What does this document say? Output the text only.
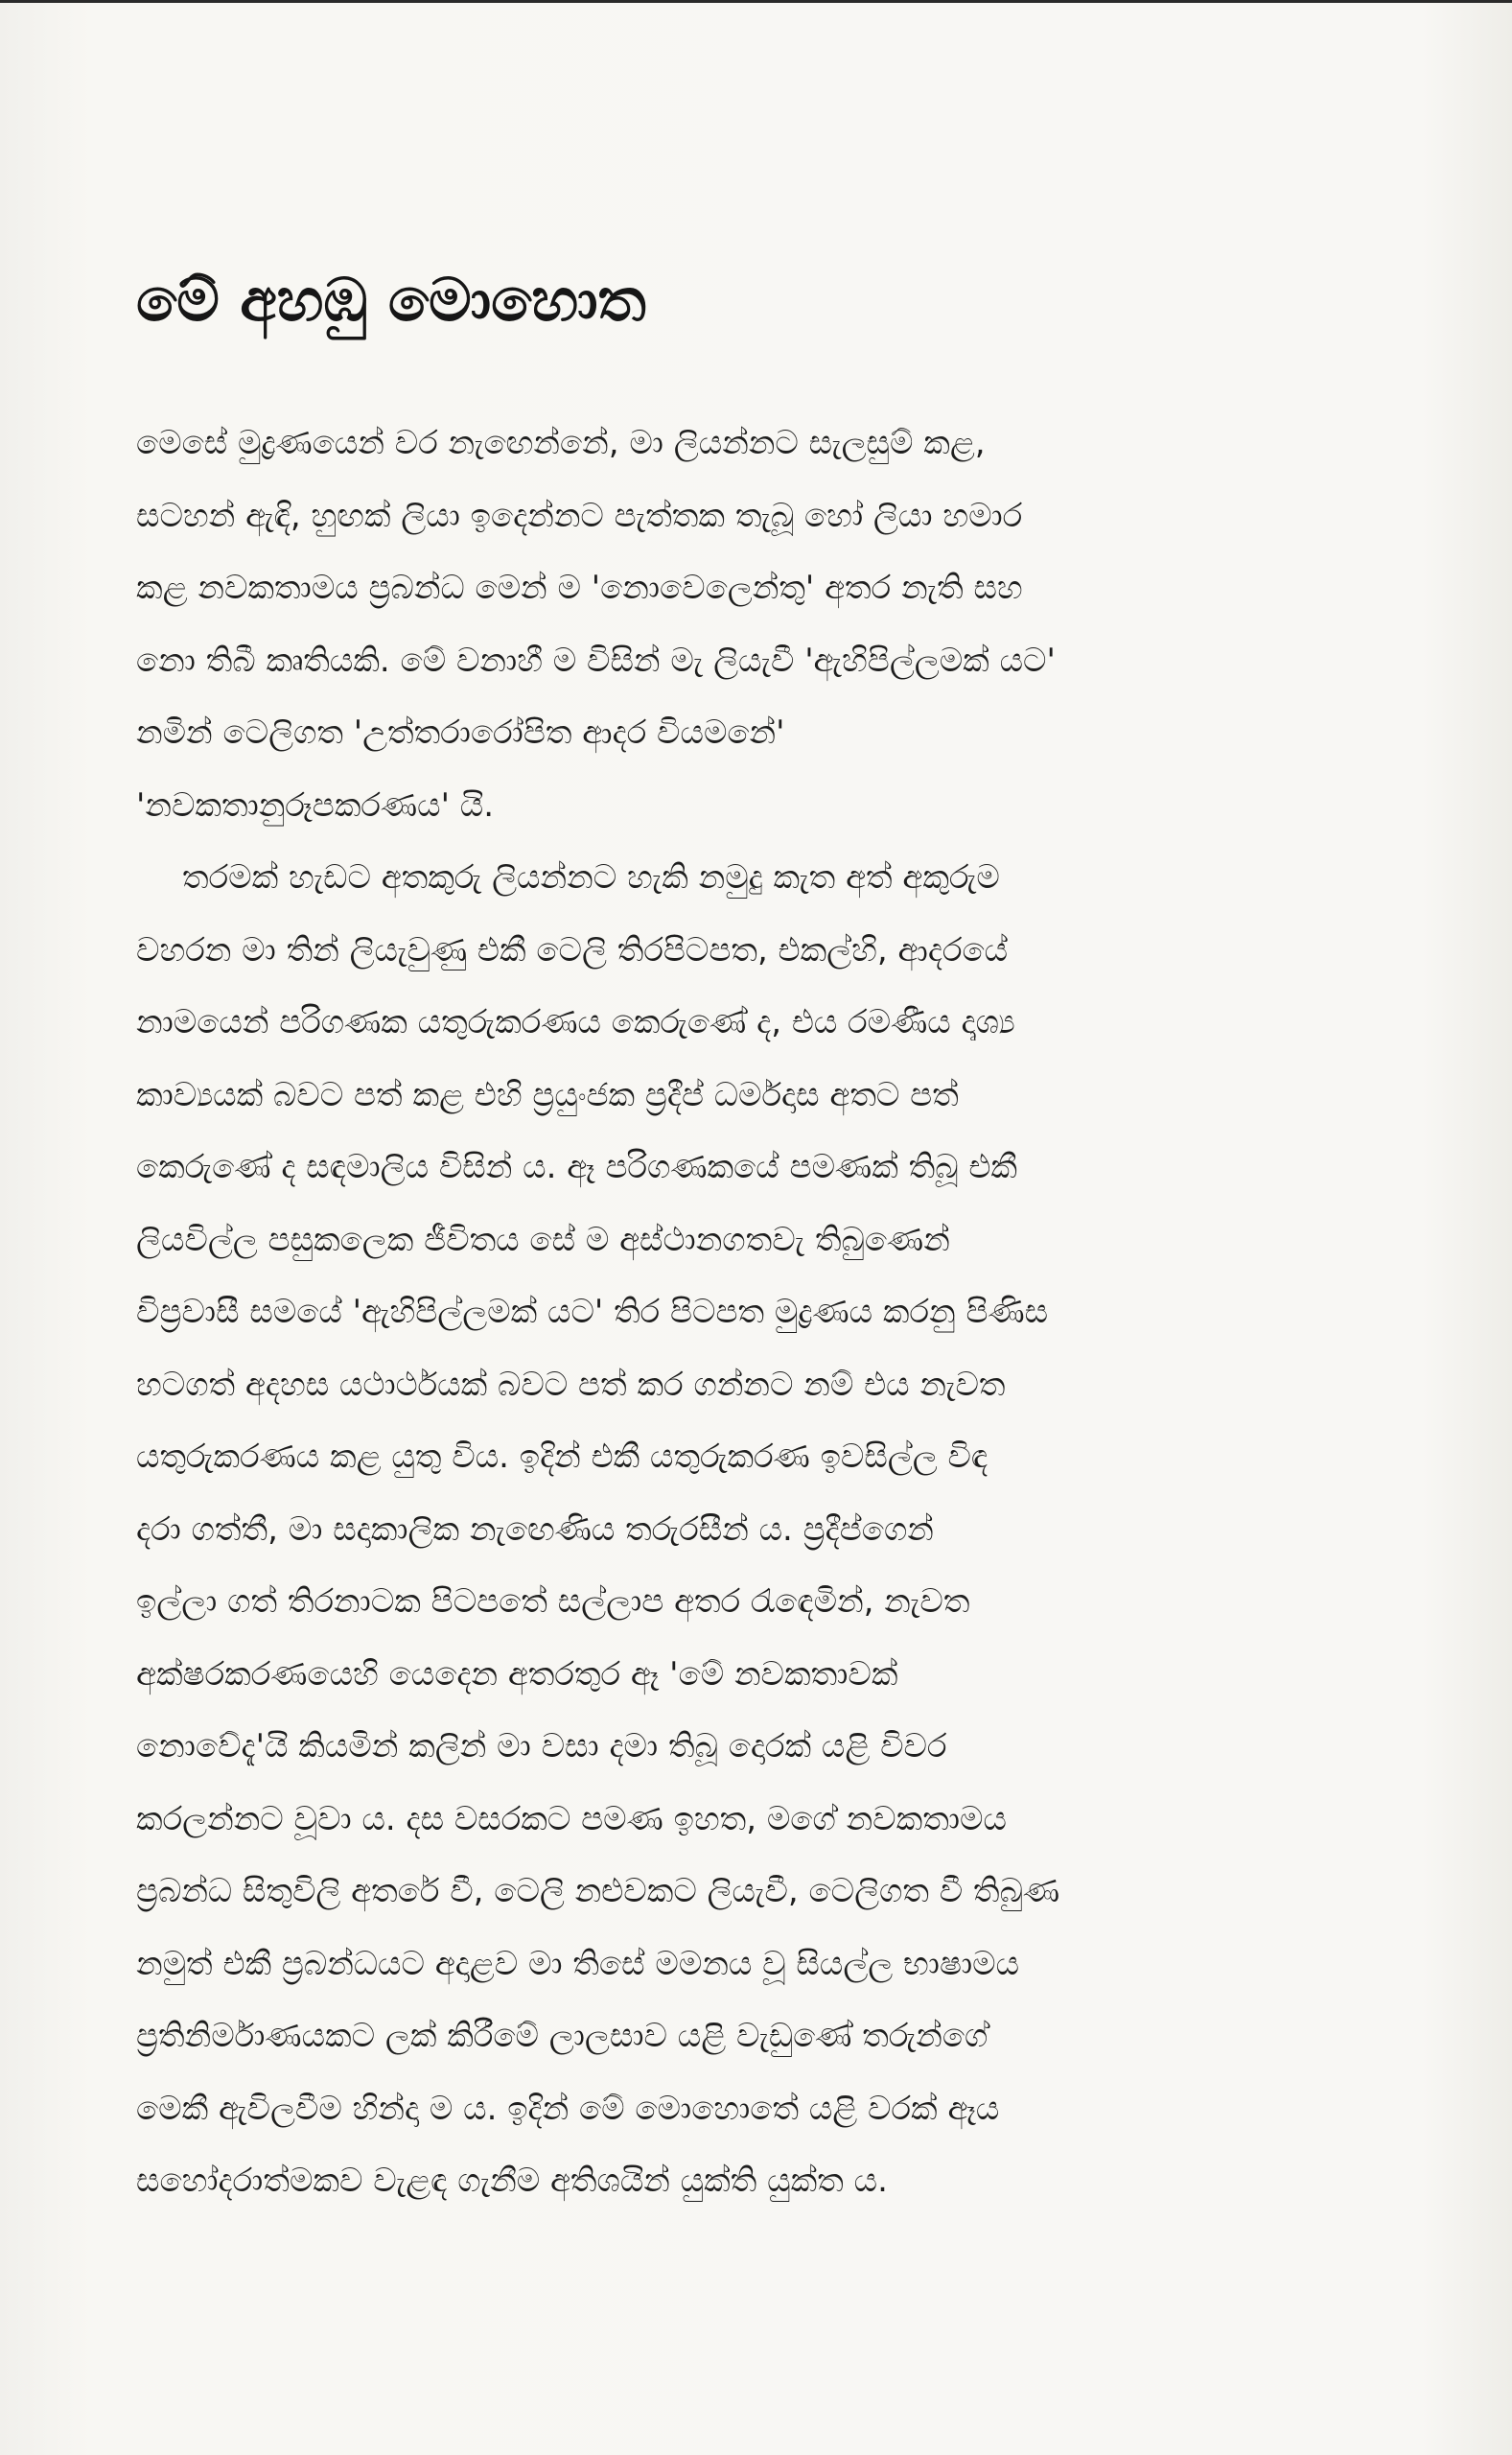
මේ අහඹු මොහොත
මෙසේ මුද්‍රණයෙන් වර නැඟෙන්නේ, මා ලියන්නට සැලසුම් කළ,
සටහන් ඇඳි, හුඟක් ලියා ඉදෙන්නට පැත්තක තැබූ හෝ ලියා හමාර
කළ නවකතාමය ප්‍රබන්ධ මෙන් ම 'නොවෙලෙන්තු' අතර නැති සහ
නො තිබී කෘතියකි. මේ වනාහී ම විසින් මැ ලියැවී 'ඇහිපිල්ලමක් යට'
නමින් ටෙලිගත 'උත්තරාරෝපිත ආදර වියමනේ'
'නවකතානුරූපකරණය' යි.
තරමක් හැඩට අතකුරු ලියන්නට හැකි නමුදු කැත අත් අකුරුම
වහරන මා තින් ලියැවුණු එකී ටෙලි තිරපිටපත, එකල්හි, ආදරයේ
නාමයෙන් පරිගණක යතුරුකරණය කෙරුණේ ද, එය රමණීය දෘශ්‍ය
කාව්‍යයක් බවට පත් කළ එහි ප්‍රයුංජක ප්‍රදීප් ධර්මදාස අතට පත්
කෙරුණේ ද සඳමාලිය විසින් ය. ඈ පරිගණකයේ පමණක් තිබූ එකී
ලියවිල්ල පසුකලෙක ජීවිතය සේ ම අස්ථානගතවැ තිබුණෙන්
විප්‍රවාසී සමයේ 'ඇහිපිල්ලමක් යට' තිර පිටපත මුද්‍රණය කරනු පිණිස
හටගත් අදහස යථාර්ථයක් බවට පත් කර ගන්නට නම් එය නැවත
යතුරුකරණය කළ යුතු විය. ඉදින් එකී යතුරුකරණ ඉවසිල්ල විඳ
දරා ගත්තී, මා සදාකාලික නැඟෙණිය තරුරසීන් ය. ප්‍රදීප්ගෙන්
ඉල්ලා ගත් තිරනාටක පිටපතේ සල්ලාප අතර රැඳෙමින්, නැවත
අක්ෂරකරණයෙහි යෙදෙන අතරතුර ඈ 'මේ නවකතාවක්
නොවේදැ'යි කියමින් කලින් මා වසා දමා තිබූ දොරක් යළි විවර
කරලන්නට වූවා ය. දස වසරකට පමණ ඉහත, මගේ නවකතාමය
ප්‍රබන්ධ සිතුවිලි අතරේ වී, ටෙලි නළුවකට ලියැවී, ටෙලිගත වී තිබුණ
නමුත් එකී ප්‍රබන්ධයට අදාළව මා තිසේ මමනය වූ සියල්ල භාෂාමය
ප්‍රතිනිර්මාණයකට ලක් කිරීමේ ලාලසාව යළි වැඩුණේ තරුන්ගේ
මෙකී ඇවිලවීම හින්දා ම ය. ඉදින් මේ මොහොතේ යළි වරක් ඈය
සහෝදරාත්මකව වැළඳ ගැනීම අතිශයින් යුක්ති යුක්ත ය.
